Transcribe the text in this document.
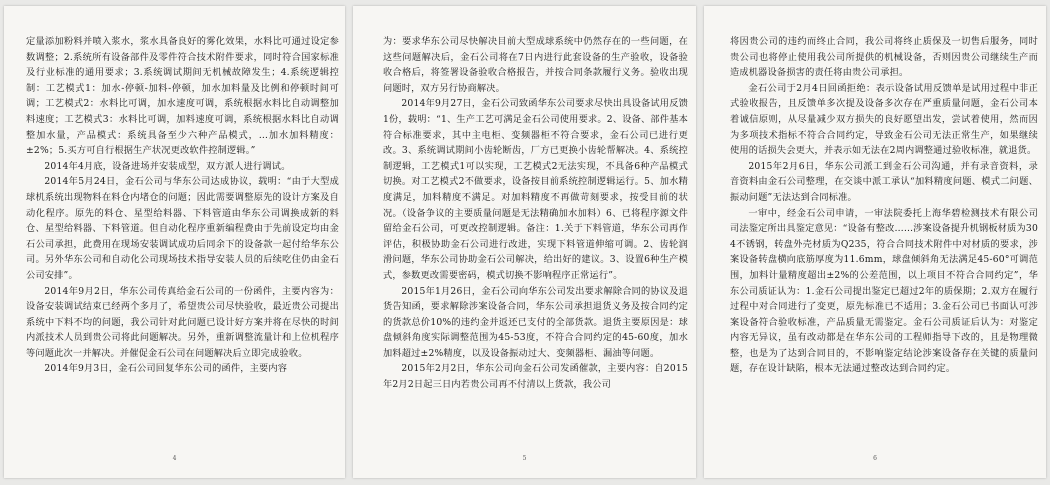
定量添加粉料并喷入浆水，浆水具备良好的雾化效果，水料比可通过设定参数调整；2.系统所有设备部件及零件符合技术附件要求，同时符合国家标准及行业标准的通用要求；3.系统调试期间无机械故障发生；4.系统逻辑控制：工艺模式1：加水-停顿-加料-停顿，加水加料量及比例和停顿时间可调；工艺模式2：水料比可调，加水速度可调，系统根据水料比自动调整加料速度；工艺模式3：水料比可调，加料速度可调，系统根据水料比自动调整加水量，产品模式：系统具备至少六种产品模式，…加水加料精度：±2%；5.买方可自行根据生产状况更改软件控制逻辑。”

2014年4月底，设备进场并安装成型，双方派人进行调试。

2014年5月24日，金石公司与华东公司达成协议，载明：“由于大型成球机系统出现物料在料仓内堵仓的问题；因此需要调整原先的设计方案及自动化程序。原先的料仓、星型给料器、下料管道由华东公司调换成新的料仓、星型给料器、下料管道。但自动化程序重新编程费由于先前设定均由金石公司承担，此费用在现场安装调试成功后同余下的设备款一起付给华东公司。另外华东公司和自动化公司现场技术指导安装人员的后续吃住仍由金石公司安排”。

2014年9月2日，华东公司传真给金石公司的一份函件，主要内容为：设备安装调试结束已经两个多月了，希望贵公司尽快验收，最近贵公司提出系统中下料不均的问题，我公司针对此问题已设计好方案并将在尽快的时间内派技术人员到贵公司将此问题解决。另外，重新调整流量计和上位机程序等问题此次一并解决。并催促金石公司在问题解决后立即完成验收。

2014年9月3日，金石公司回复华东公司的函件，主要内容

4

为：要求华东公司尽快解决目前大型成球系统中仍然存在的一些问题，在这些问题解决后，金石公司将在7日内进行此套设备的生产验收，设备验收合格后，将签署设备验收合格报告，并按合同条款履行义务。验收出现问题时，双方另行协商解决。

2014年9月27日，金石公司致函华东公司要求尽快出具设备试用反馈1份，载明：“1、生产工艺可满足金石公司使用要求。2、设备、部件基本符合标准要求，其中主电柜、变频器柜不符合要求，金石公司已进行更改。3、系统调试期间小齿轮断齿，厂方已更换小齿轮帮解决。4、系统控制逻辑，工艺模式1可以实现，工艺模式2无法实现，不具备6种产品模式切换。对工艺模式2不做要求，设备按目前系统控制逻辑运行。5、加水精度满足，加料精度不满足。对加料精度不再做苛刻要求，按受目前的状况。（设备争议的主要质量问题是无法精确加水加料）6、已将程序源文件留给金石公司，可更改控制逻辑。备注：1.关于下料管道，华东公司再作评估，积极协助金石公司进行改进，实现下料管道伸缩可调。2、齿轮润滑问题，华东公司协助金石公司解决，给出好的建议。3、设置6种生产模式，参数更改需要密码，模式切换不影响程序正常运行”。

2015年1月26日，金石公司向华东公司发出要求解除合同的协议及退货告知函，要求解除涉案设备合同，华东公司承担退货义务及按合同约定的货款总价10%的违约金并返还已支付的全部货款。退货主要原因是：球盘倾斜角度实际调整范围为45-53度，不符合合同约定的45-60度，加水加料超过±2%精度，以及设备振动过大、变频器柜、漏油等问题。

2015年2月2日，华东公司向金石公司发函催款，主要内容：自2015年2月2日起三日内若贵公司再不付清以上货款，我公司

5

将因贵公司的违约而终止合同，我公司将终止质保及一切售后服务，同时贵公司也将停止使用我公司所提供的机械设备，否则因贵公司继续生产而造成机器设备损害的责任将由贵公司承担。

金石公司于2月4日回函拒绝：表示设备试用反馈单是试用过程中非正式验收报告，且反馈单多次提及设备多次存在严重质量问题，金石公司本着诚信原则，从尽量减少双方损失的良好愿望出发，尝试着使用，然而因为多项技术指标不符合合同约定，导致金石公司无法正常生产，如果继续使用的话损失会更大，并表示如无法在2周内调整通过验收标准，就退货。

2015年2月6日，华东公司派工到金石公司沟通，并有录音资料，录音资料由金石公司整理，在交谈中派工承认“加料精度问题、模式二问题、振动问题”无法达到合同标准。

一审中，经金石公司申请，一审法院委托上海华碧检测技术有限公司司法鉴定所出具鉴定意见：“设备有整改……涉案设备提升机钢板材质为304不锈钢，转盘外壳材质为Q235，符合合同技术附件中对材质的要求，涉案设备转盘横向底筋厚度为11.6mm，球盘倾斜角无法满足45-60°可调范围，加料计量精度超出±2%的公差范围，以上项目不符合合同约定”，华东公司质证认为：1.金石公司提出鉴定已超过2年的质保期；2.双方在履行过程中对合同进行了变更，原先标准已不适用；3.金石公司已书面认可涉案设备符合验收标准，产品质量无需鉴定。金石公司质证后认为：对鉴定内容无异议，虽有改动都是在华东公司的工程师指导下改的，且是物理微整，也是为了达到合同目的，不影响鉴定结论涉案设备存在关键的质量问题，存在设计缺陷，根本无法通过整改达到合同约定。

6
